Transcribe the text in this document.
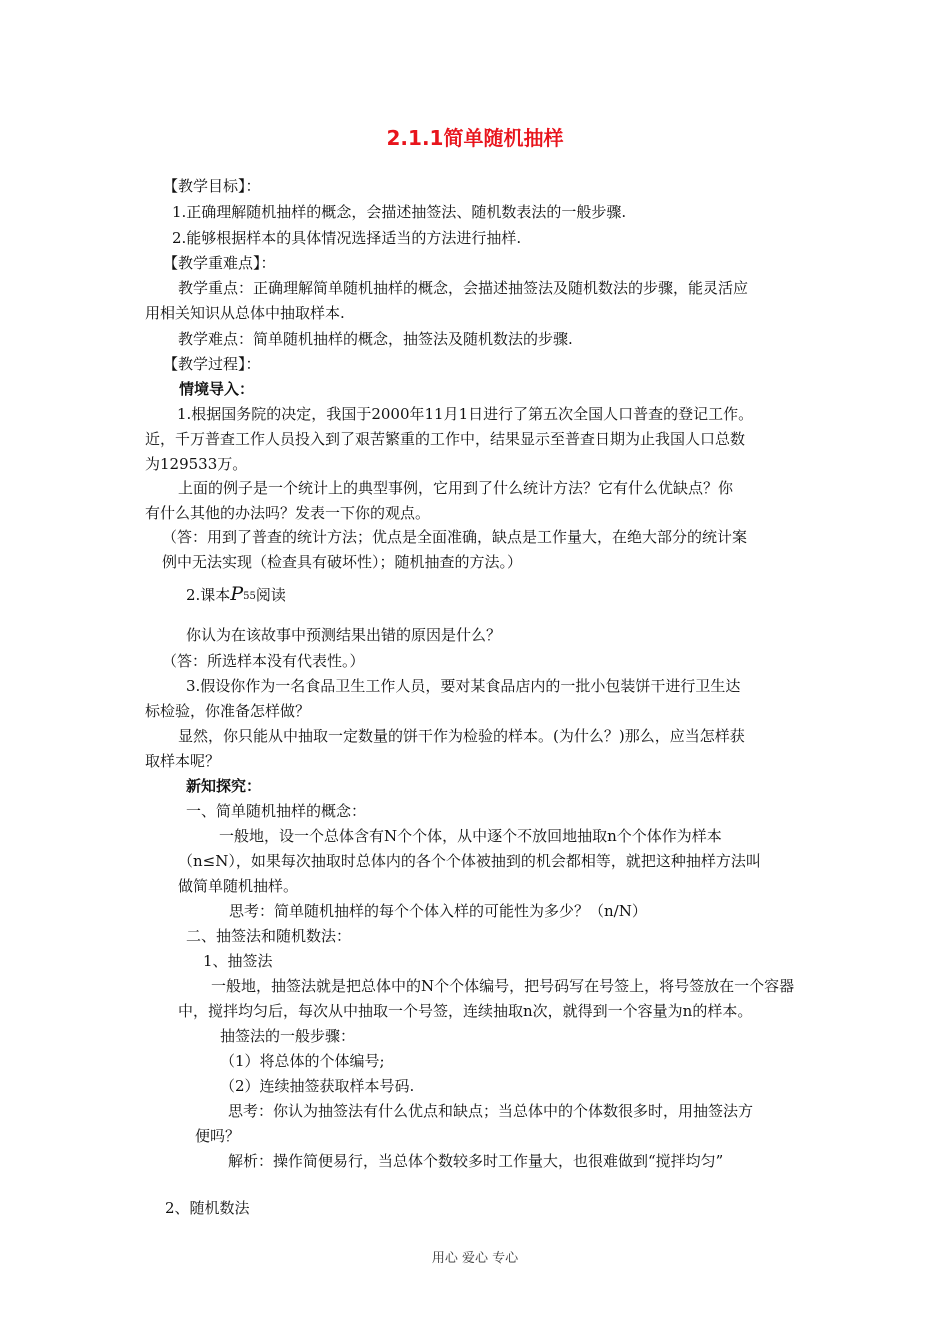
2.1.1简单随机抽样
【教学目标】：
1.正确理解随机抽样的概念，会描述抽签法、随机数表法的一般步骤.
2.能够根据样本的具体情况选择适当的方法进行抽样.
【教学重难点】：
教学重点：正确理解简单随机抽样的概念，会描述抽签法及随机数法的步骤，能灵活应
用相关知识从总体中抽取样本.
教学难点：简单随机抽样的概念，抽签法及随机数法的步骤.
【教学过程】：
情境导入：
1.根据国务院的决定，我国于2000年11月1日进行了第五次全国人口普查的登记工作。
近，千万普查工作人员投入到了艰苦繁重的工作中，结果显示至普查日期为止我国人口总数
为129533万。
上面的例子是一个统计上的典型事例，它用到了什么统计方法？它有什么优缺点？你
有什么其他的办法吗？发表一下你的观点。
（答：用到了普查的统计方法；优点是全面准确，缺点是工作量大，在绝大部分的统计案
例中无法实现（检查具有破坏性）；随机抽查的方法。）
2.课本P55阅读
你认为在该故事中预测结果出错的原因是什么？
（答：所选样本没有代表性。）
3.假设你作为一名食品卫生工作人员，要对某食品店内的一批小包装饼干进行卫生达
标检验，你准备怎样做？
显然，你只能从中抽取一定数量的饼干作为检验的样本。(为什么？)那么，应当怎样获
取样本呢？
新知探究：
一、简单随机抽样的概念：
一般地，设一个总体含有N个个体，从中逐个不放回地抽取n个个体作为样本
（n≤N），如果每次抽取时总体内的各个个体被抽到的机会都相等，就把这种抽样方法叫
做简单随机抽样。
思考：简单随机抽样的每个个体入样的可能性为多少？（n/N）
二、抽签法和随机数法：
1、抽签法
一般地，抽签法就是把总体中的N个个体编号，把号码写在号签上，将号签放在一个容器
中，搅拌均匀后，每次从中抽取一个号签，连续抽取n次，就得到一个容量为n的样本。
抽签法的一般步骤：
（1）将总体的个体编号;
（2）连续抽签获取样本号码.
思考：你认为抽签法有什么优点和缺点；当总体中的个体数很多时，用抽签法方
便吗？
解析：操作简便易行，当总体个数较多时工作量大，也很难做到“搅拌均匀”
2、随机数法
用心 爱心 专心
